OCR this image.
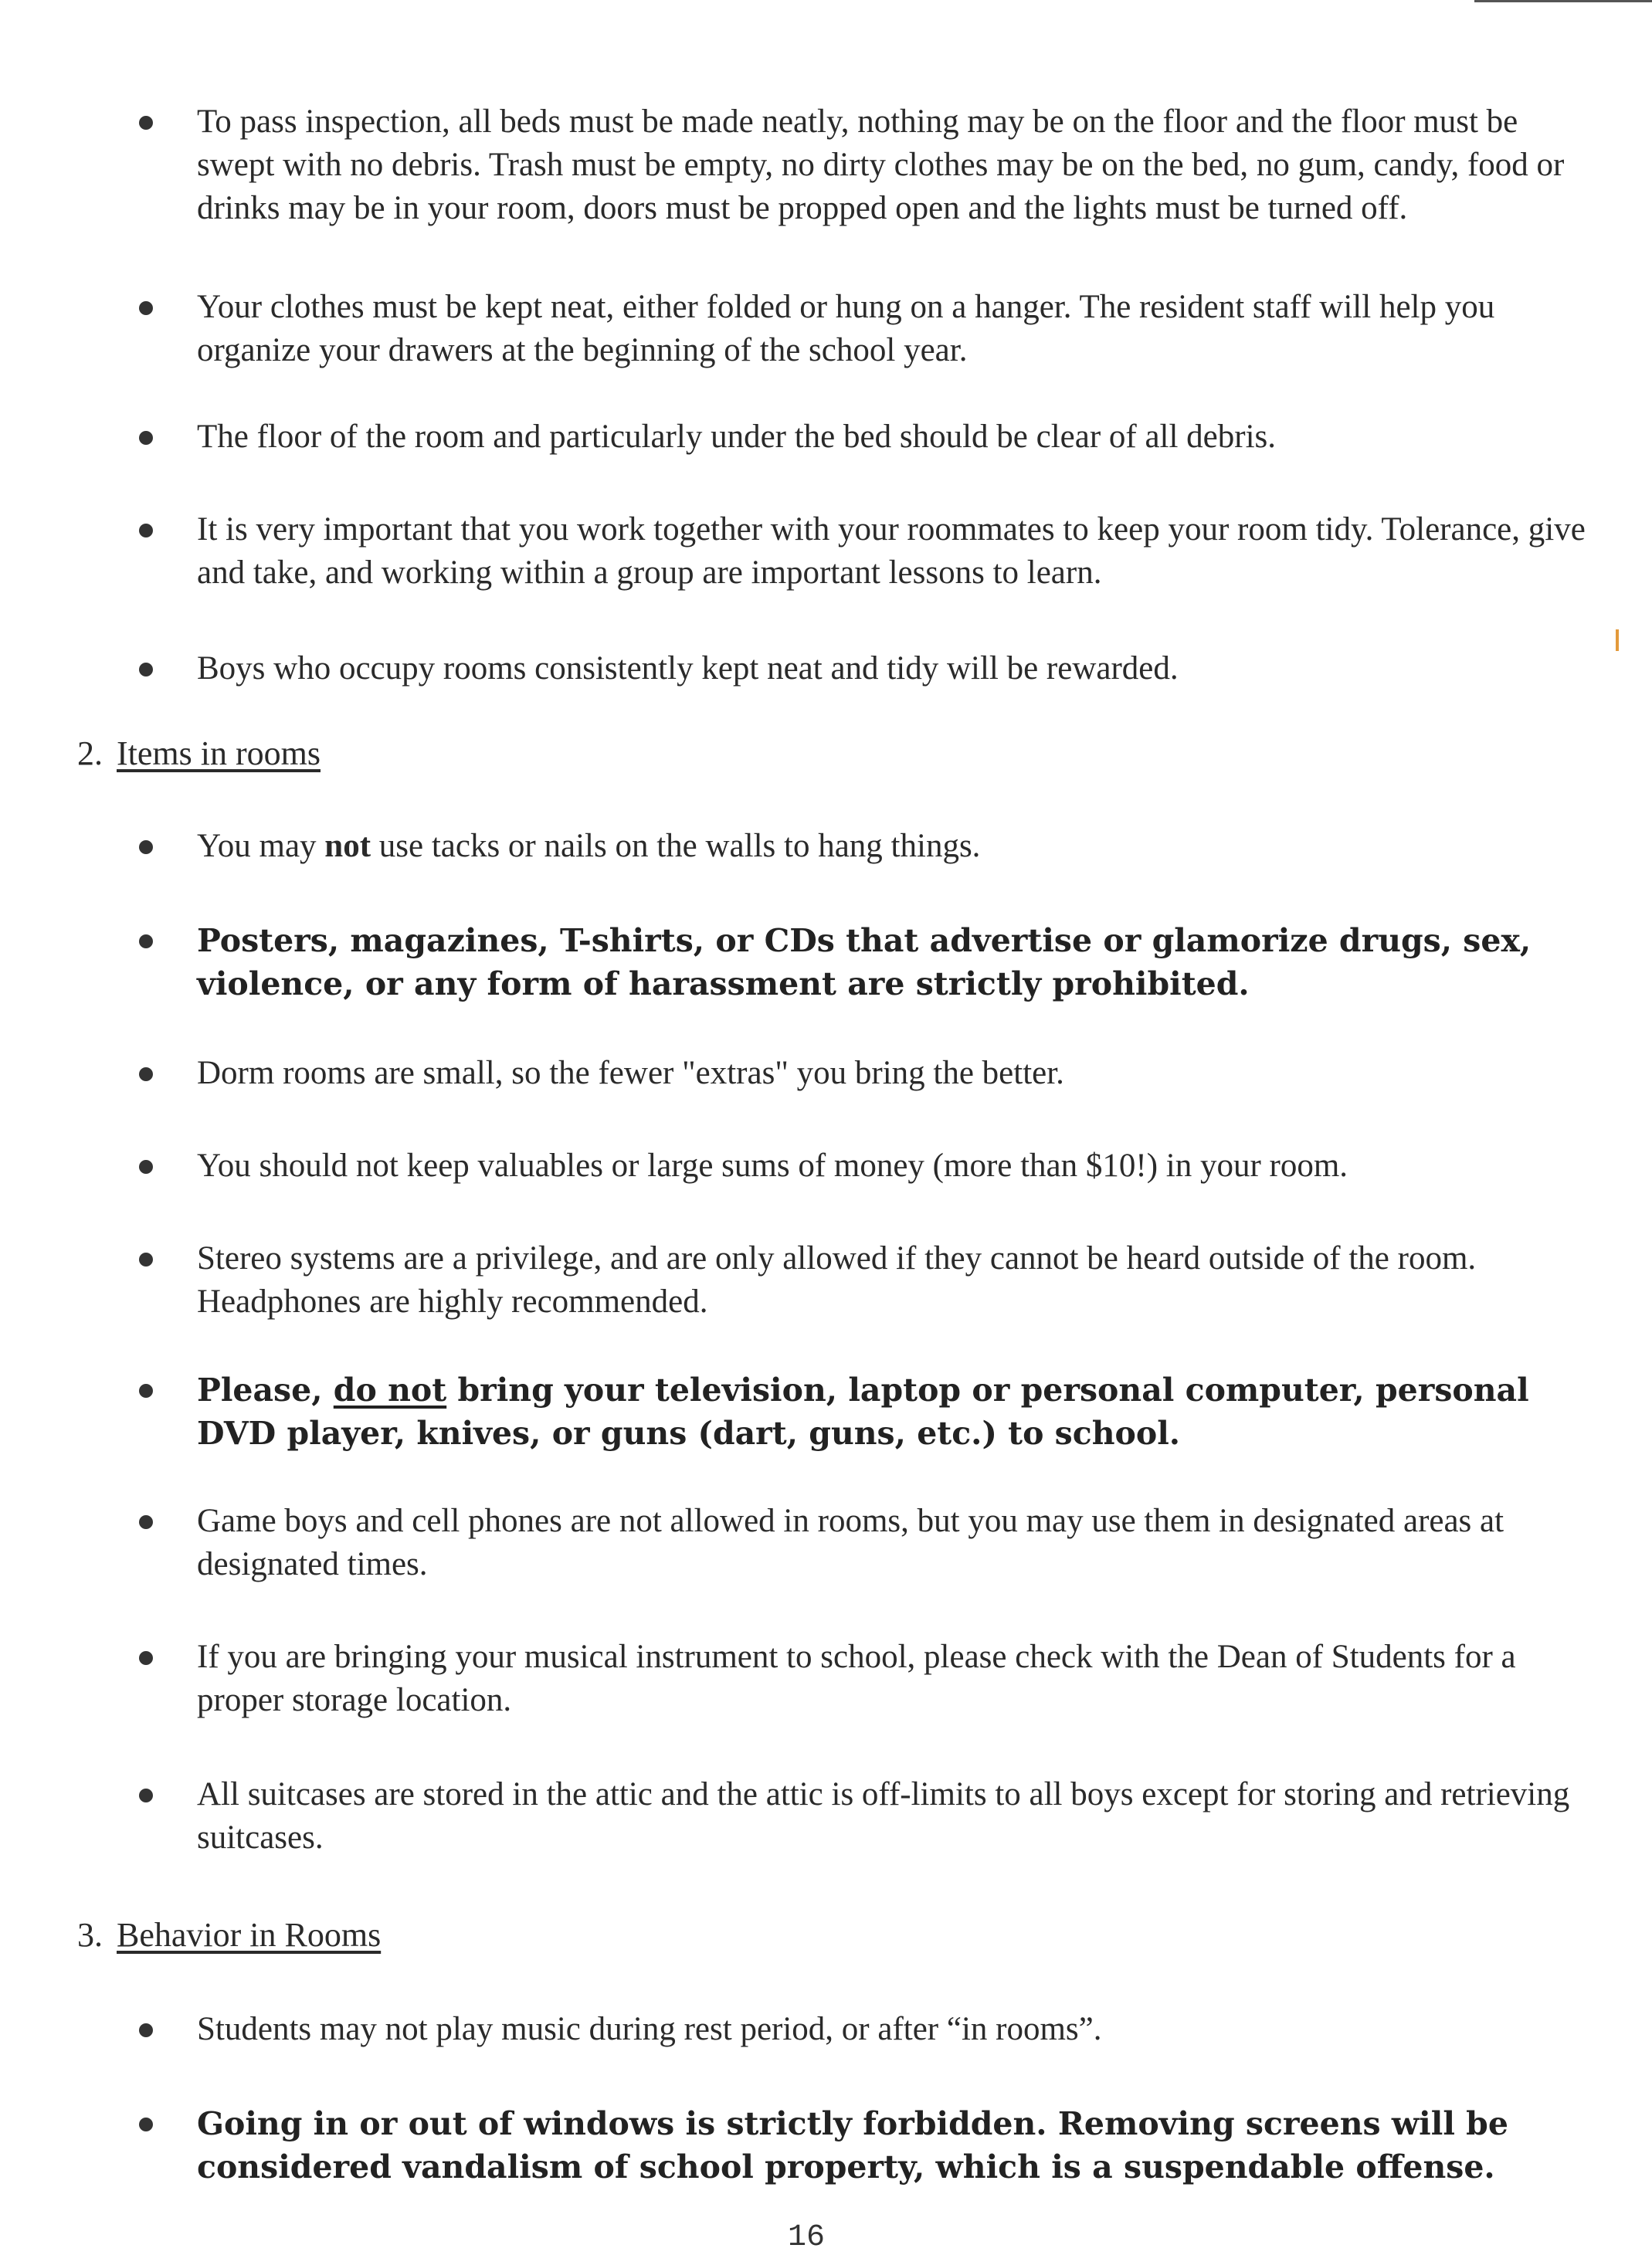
To pass inspection, all beds must be made neatly, nothing may be on the floor and the floor must be swept with no debris. Trash must be empty, no dirty clothes may be on the bed, no gum, candy, food or drinks may be in your room, doors must be propped open and the lights must be turned off.
Your clothes must be kept neat, either folded or hung on a hanger. The resident staff will help you organize your drawers at the beginning of the school year.
The floor of the room and particularly under the bed should be clear of all debris.
It is very important that you work together with your roommates to keep your room tidy. Tolerance, give and take, and working within a group are important lessons to learn.
Boys who occupy rooms consistently kept neat and tidy will be rewarded.
2. Items in rooms
You may not use tacks or nails on the walls to hang things.
Posters, magazines, T-shirts, or CDs that advertise or glamorize drugs, sex, violence, or any form of harassment are strictly prohibited.
Dorm rooms are small, so the fewer "extras" you bring the better.
You should not keep valuables or large sums of money (more than $10!) in your room.
Stereo systems are a privilege, and are only allowed if they cannot be heard outside of the room. Headphones are highly recommended.
Please, do not bring your television, laptop or personal computer, personal DVD player, knives, or guns (dart, guns, etc.) to school.
Game boys and cell phones are not allowed in rooms, but you may use them in designated areas at designated times.
If you are bringing your musical instrument to school, please check with the Dean of Students for a proper storage location.
All suitcases are stored in the attic and the attic is off-limits to all boys except for storing and retrieving suitcases.
3. Behavior in Rooms
Students may not play music during rest period, or after “in rooms”.
Going in or out of windows is strictly forbidden. Removing screens will be considered vandalism of school property, which is a suspendable offense.
16
